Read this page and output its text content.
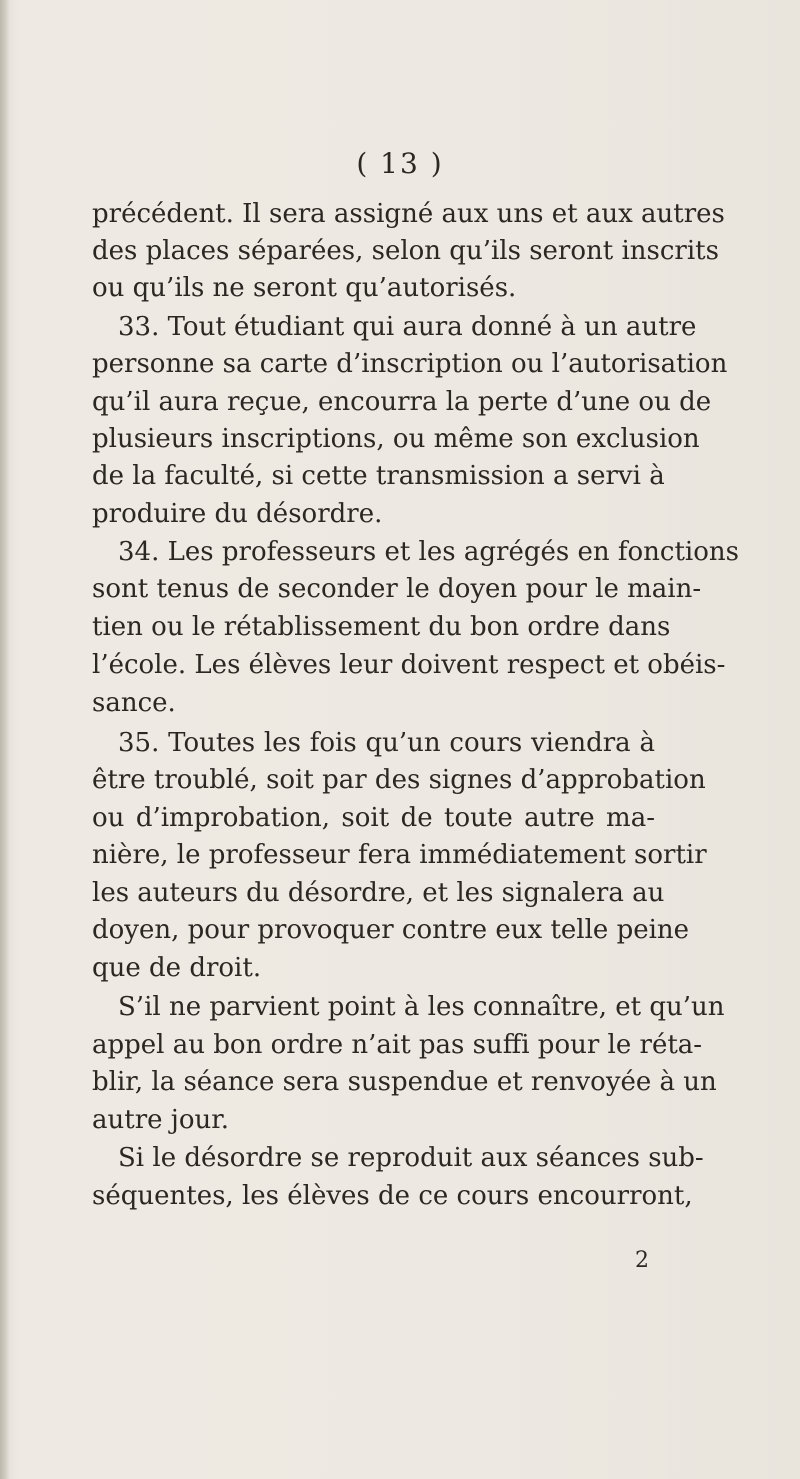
( 13 )
précédent. Il sera assigné aux uns et aux autres
des places séparées, selon qu’ils seront inscrits
ou qu’ils ne seront qu’autorisés.
33. Tout étudiant qui aura donné à un autre
personne sa carte d’inscription ou l’autorisation
qu’il aura reçue, encourra la perte d’une ou de
plusieurs inscriptions, ou même son exclusion
de la faculté, si cette transmission a servi à
produire du désordre.
34. Les professeurs et les agrégés en fonctions
sont tenus de seconder le doyen pour le main-
tien ou le rétablissement du bon ordre dans
l’école. Les élèves leur doivent respect et obéis-
sance.
35. Toutes les fois qu’un cours viendra à
être troublé, soit par des signes d’approbation
ou d’improbation, soit de toute autre ma-
nière, le professeur fera immédiatement sortir
les auteurs du désordre, et les signalera au
doyen, pour provoquer contre eux telle peine
que de droit.
S’il ne parvient point à les connaître, et qu’un
appel au bon ordre n’ait pas suffi pour le réta-
blir, la séance sera suspendue et renvoyée à un
autre jour.
Si le désordre se reproduit aux séances sub-
séquentes, les élèves de ce cours encourront,
2
